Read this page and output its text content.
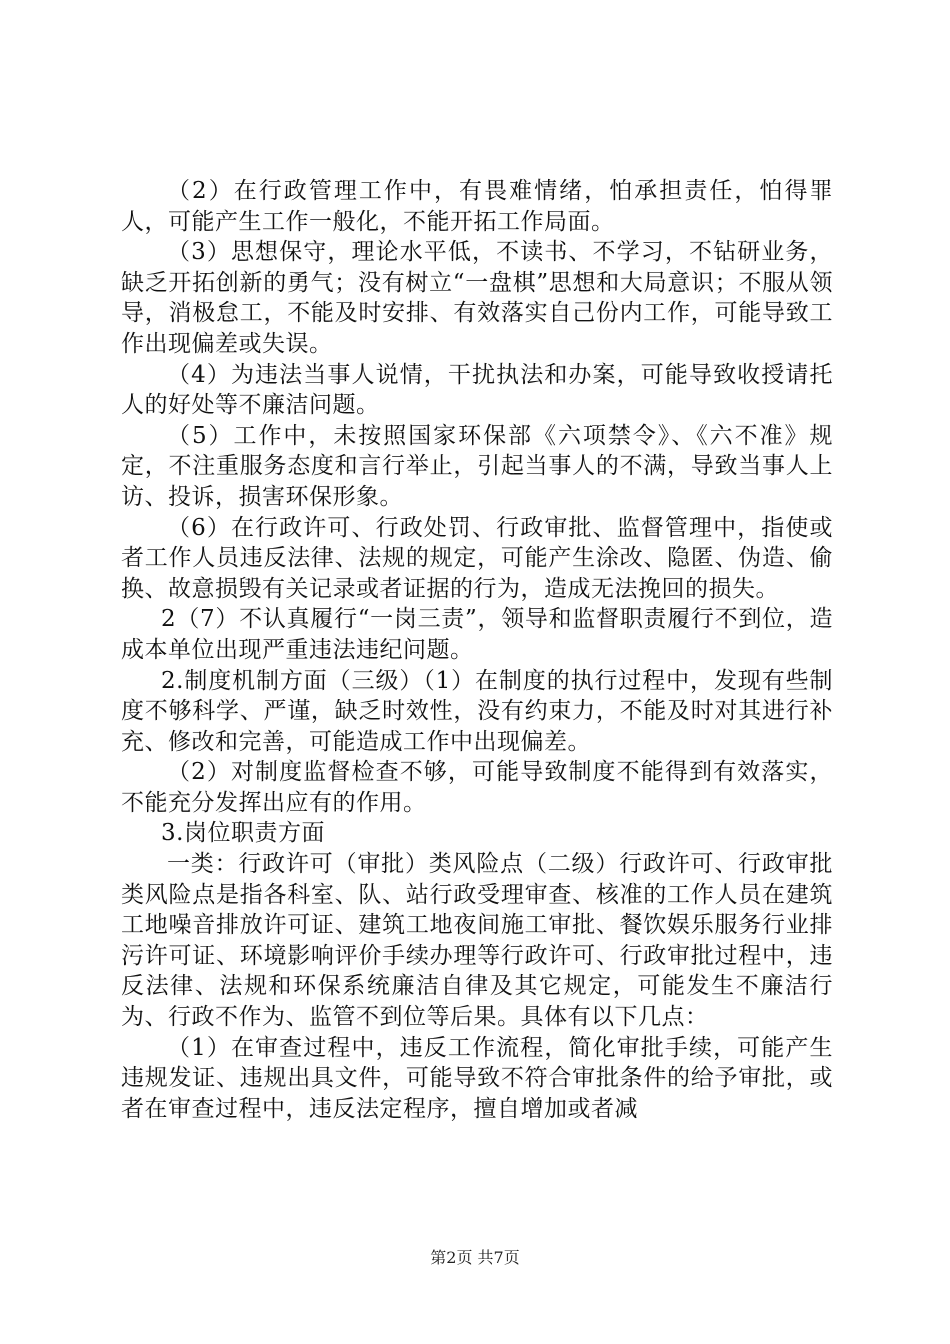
（2）在行政管理工作中，有畏难情绪，怕承担责任，怕得罪人，可能产生工作一般化，不能开拓工作局面。

（3）思想保守，理论水平低，不读书、不学习，不钻研业务，缺乏开拓创新的勇气；没有树立“一盘棋”思想和大局意识；不服从领导，消极怠工，不能及时安排、有效落实自己份内工作，可能导致工作出现偏差或失误。

（4）为违法当事人说情，干扰执法和办案，可能导致收授请托人的好处等不廉洁问题。

（5）工作中，未按照国家环保部《六项禁令》、《六不准》规定，不注重服务态度和言行举止，引起当事人的不满，导致当事人上访、投诉，损害环保形象。

（6）在行政许可、行政处罚、行政审批、监督管理中，指使或者工作人员违反法律、法规的规定，可能产生涂改、隐匿、伪造、偷换、故意损毁有关记录或者证据的行为，造成无法挽回的损失。

2（7）不认真履行“一岗三责”，领导和监督职责履行不到位，造成本单位出现严重违法违纪问题。

2.制度机制方面（三级）（1）在制度的执行过程中，发现有些制度不够科学、严谨，缺乏时效性，没有约束力，不能及时对其进行补充、修改和完善，可能造成工作中出现偏差。

（2）对制度监督检查不够，可能导致制度不能得到有效落实，不能充分发挥出应有的作用。

3.岗位职责方面

一类：行政许可（审批）类风险点（二级）行政许可、行政审批类风险点是指各科室、队、站行政受理审查、核准的工作人员在建筑工地噪音排放许可证、建筑工地夜间施工审批、餐饮娱乐服务行业排污许可证、环境影响评价手续办理等行政许可、行政审批过程中，违反法律、法规和环保系统廉洁自律及其它规定，可能发生不廉洁行为、行政不作为、监管不到位等后果。具体有以下几点：

（1）在审查过程中，违反工作流程，简化审批手续，可能产生违规发证、违规出具文件，可能导致不符合审批条件的给予审批，或者在审查过程中，违反法定程序，擅自增加或者减

第2页 共7页
